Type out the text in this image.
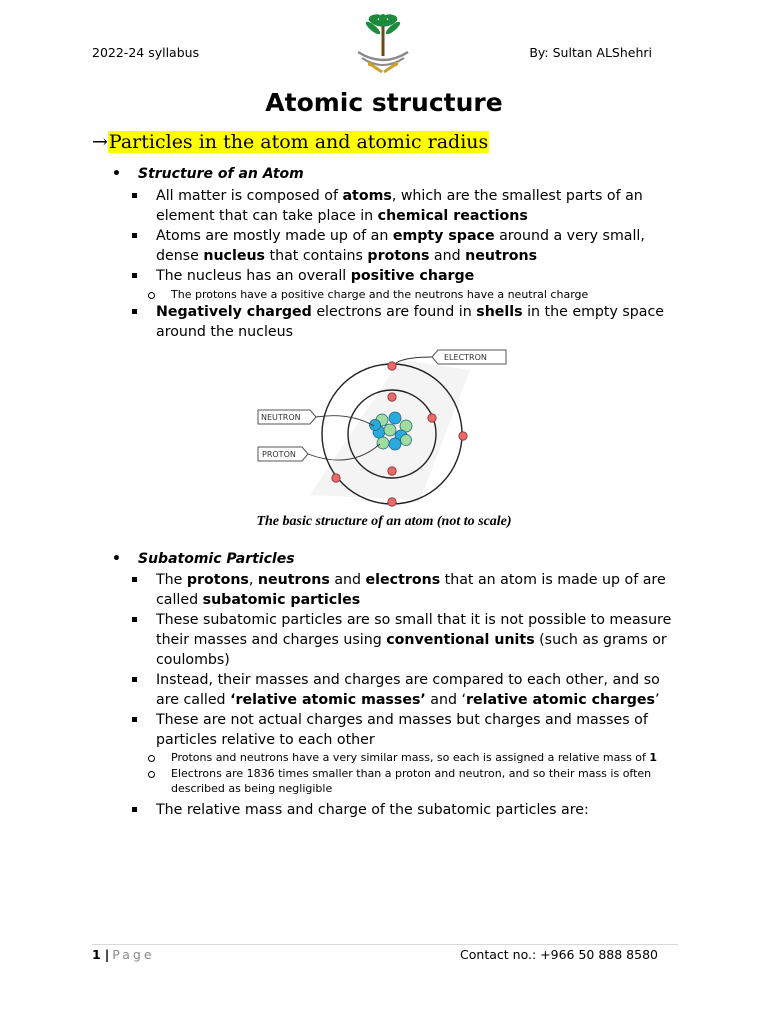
2022-24 syllabus	By: Sultan ALShehri
Atomic structure
→Particles in the atom and atomic radius
• Structure of an Atom
All matter is composed of atoms, which are the smallest parts of an element that can take place in chemical reactions
Atoms are mostly made up of an empty space around a very small, dense nucleus that contains protons and neutrons
The nucleus has an overall positive charge
The protons have a positive charge and the neutrons have a neutral charge
Negatively charged electrons are found in shells in the empty space around the nucleus
ELECTRON
NEUTRON
PROTON
The basic structure of an atom (not to scale)
• Subatomic Particles
The protons, neutrons and electrons that an atom is made up of are called subatomic particles
These subatomic particles are so small that it is not possible to measure their masses and charges using conventional units (such as grams or coulombs)
Instead, their masses and charges are compared to each other, and so are called ‘relative atomic masses’ and ‘relative atomic charges’
These are not actual charges and masses but charges and masses of particles relative to each other
Protons and neutrons have a very similar mass, so each is assigned a relative mass of 1
Electrons are 1836 times smaller than a proton and neutron, and so their mass is often described as being negligible
The relative mass and charge of the subatomic particles are:
1 | Page	Contact no.: +966 50 888 8580
